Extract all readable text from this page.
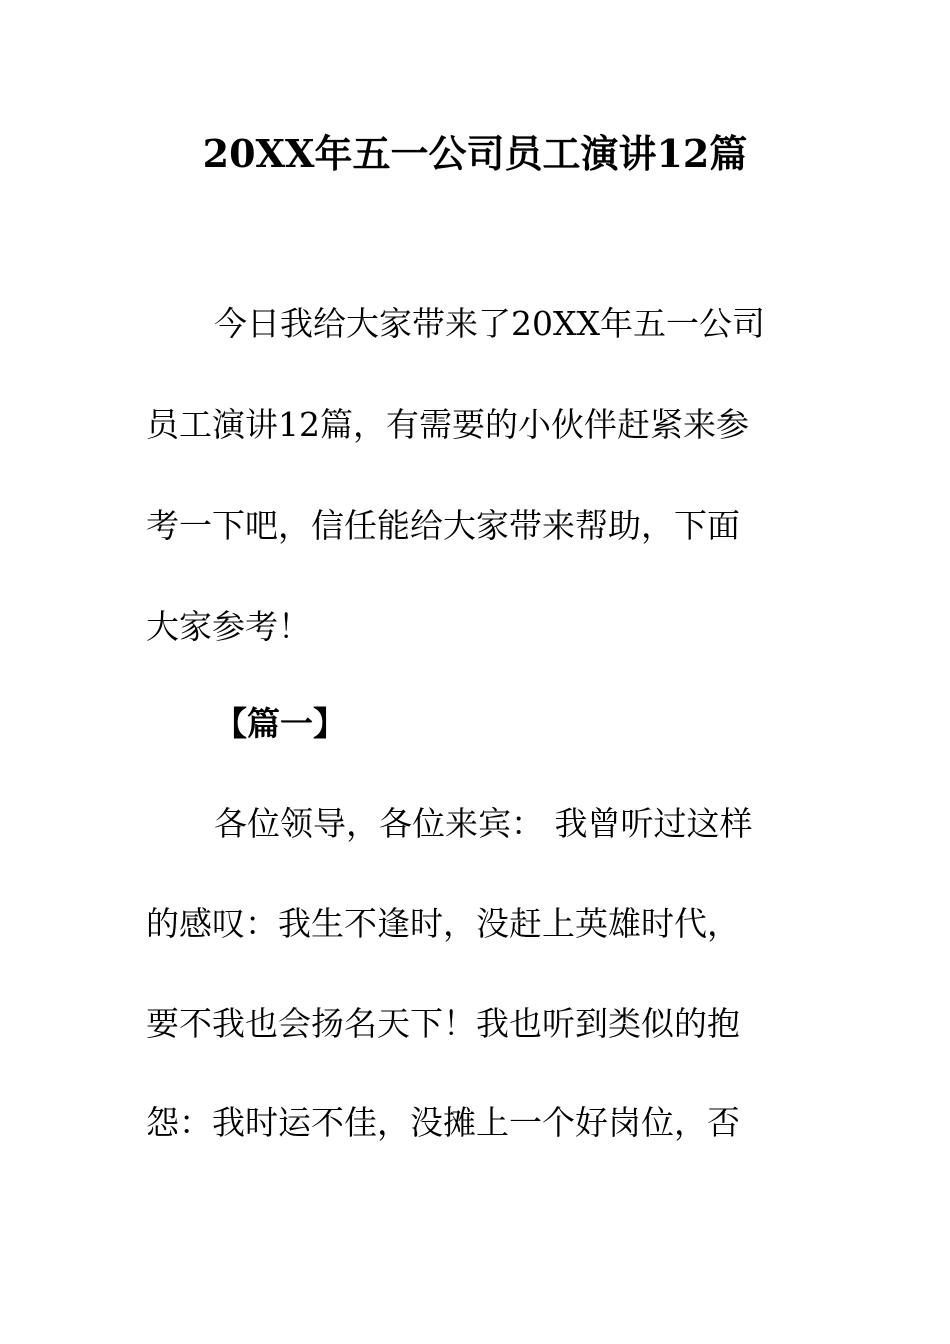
20XX年五一公司员工演讲12篇
今日我给大家带来了20XX年五一公司
员工演讲12篇，有需要的小伙伴赶紧来参
考一下吧，信任能给大家带来帮助，下面
大家参考！
【篇一】
各位领导，各位来宾： 我曾听过这样
的感叹：我生不逢时，没赶上英雄时代，
要不我也会扬名天下！我也听到类似的抱
怨：我时运不佳，没摊上一个好岗位，否
